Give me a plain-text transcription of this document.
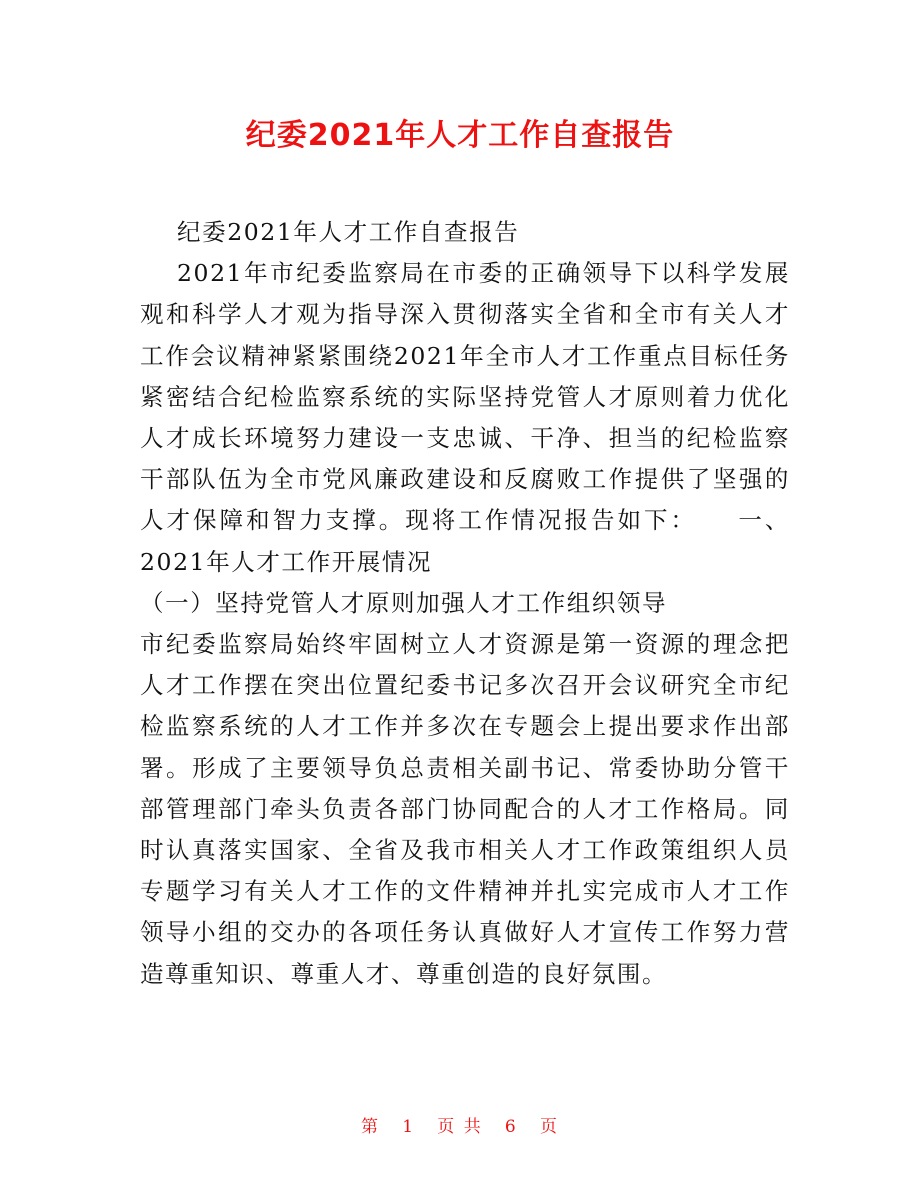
纪委2021年人才工作自查报告

纪委2021年人才工作自查报告

2021年市纪委监察局在市委的正确领导下以科学发展观和科学人才观为指导深入贯彻落实全省和全市有关人才工作会议精神紧紧围绕2021年全市人才工作重点目标任务紧密结合纪检监察系统的实际坚持党管人才原则着力优化人才成长环境努力建设一支忠诚、干净、担当的纪检监察干部队伍为全市党风廉政建设和反腐败工作提供了坚强的人才保障和智力支撑。现将工作情况报告如下：　　一、2021年人才工作开展情况

（一）坚持党管人才原则加强人才工作组织领导

市纪委监察局始终牢固树立人才资源是第一资源的理念把人才工作摆在突出位置纪委书记多次召开会议研究全市纪检监察系统的人才工作并多次在专题会上提出要求作出部署。形成了主要领导负总责相关副书记、常委协助分管干部管理部门牵头负责各部门协同配合的人才工作格局。同时认真落实国家、全省及我市相关人才工作政策组织人员专题学习有关人才工作的文件精神并扎实完成市人才工作领导小组的交办的各项任务认真做好人才宣传工作努力营造尊重知识、尊重人才、尊重创造的良好氛围。

第 1 页 共 6 页
